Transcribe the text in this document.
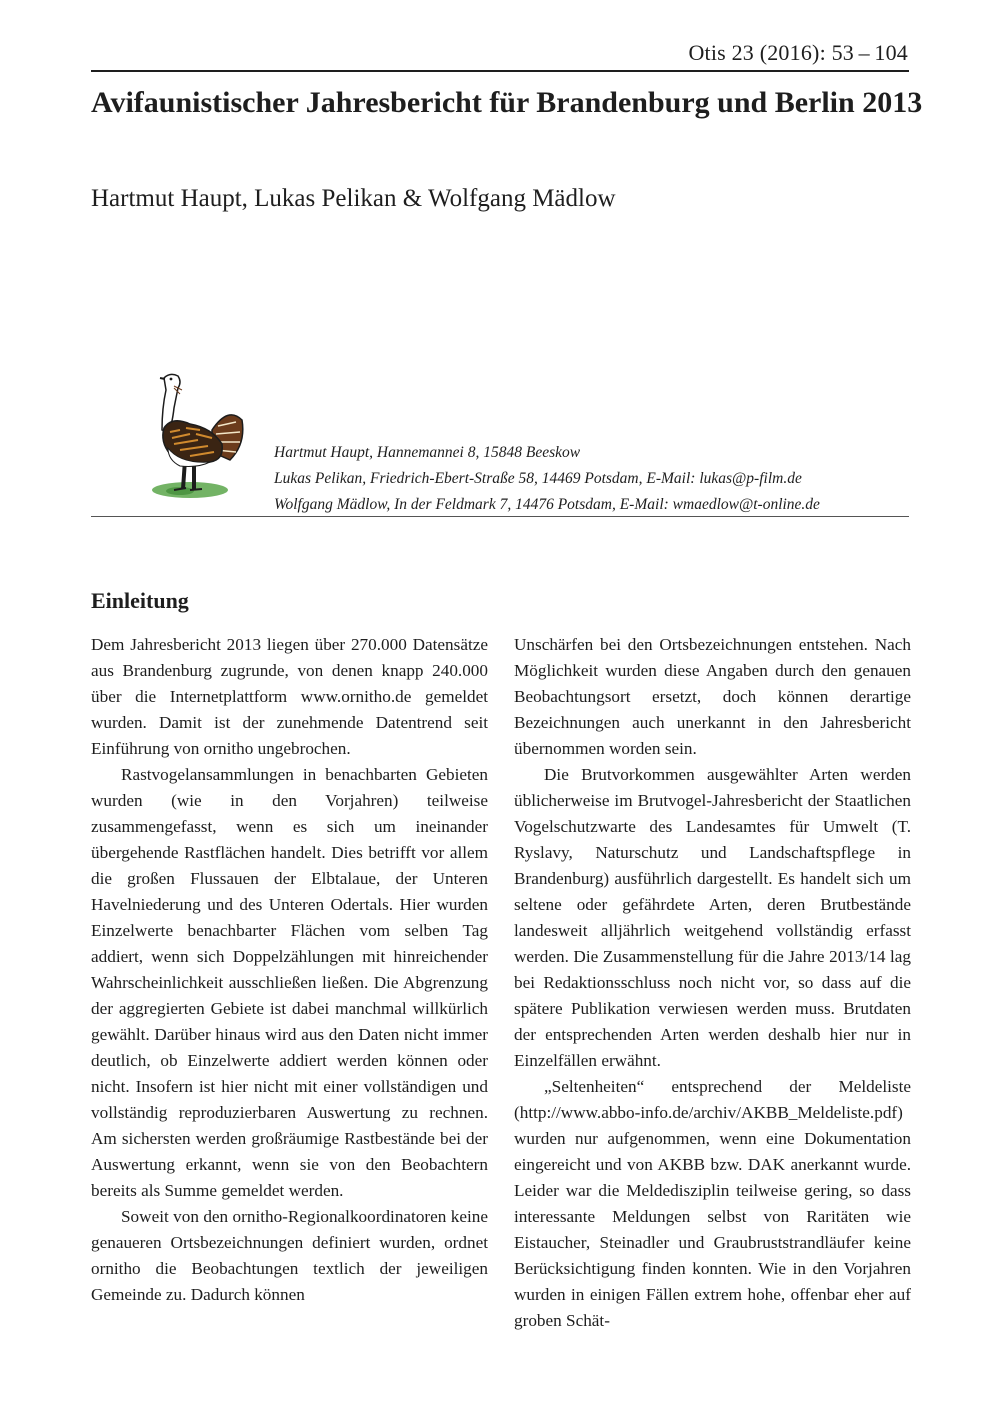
Otis 23 (2016): 53 – 104
Avifaunistischer Jahresbericht für Brandenburg und Berlin 2013
Hartmut Haupt, Lukas Pelikan & Wolfgang Mädlow
Hartmut Haupt, Hannemannei 8, 15848 Beeskow
Lukas Pelikan, Friedrich-Ebert-Straße 58, 14469 Potsdam, E-Mail: lukas@p-film.de
Wolfgang Mädlow, In der Feldmark 7, 14476 Potsdam, E-Mail: wmaedlow@t-online.de
Einleitung

Dem Jahresbericht 2013 liegen über 270.000 Datensätze aus Brandenburg zugrunde, von denen knapp 240.000 über die Internetplattform www.ornitho.de gemeldet wurden. Damit ist der zunehmende Datentrend seit Einführung von ornitho ungebrochen.

Rastvogelansammlungen in benachbarten Gebieten wurden (wie in den Vorjahren) teilweise zusammengefasst, wenn es sich um ineinander übergehende Rastflächen handelt. Dies betrifft vor allem die großen Flussauen der Elbtalaue, der Unteren Havelniederung und des Unteren Odertals. Hier wurden Einzelwerte benachbarter Flächen vom selben Tag addiert, wenn sich Doppelzählungen mit hinreichender Wahrscheinlichkeit ausschließen ließen. Die Abgrenzung der aggregierten Gebiete ist dabei manchmal willkürlich gewählt. Darüber hinaus wird aus den Daten nicht immer deutlich, ob Einzelwerte addiert werden können oder nicht. Insofern ist hier nicht mit einer vollständigen und vollständig reproduzierbaren Auswertung zu rechnen. Am sichersten werden großräumige Rastbestände bei der Auswertung erkannt, wenn sie von den Beobachtern bereits als Summe gemeldet werden.

Soweit von den ornitho-Regionalkoordinatoren keine genaueren Ortsbezeichnungen definiert wurden, ordnet ornitho die Beobachtungen textlich der jeweiligen Gemeinde zu. Dadurch können

Unschärfen bei den Ortsbezeichnungen entstehen. Nach Möglichkeit wurden diese Angaben durch den genauen Beobachtungsort ersetzt, doch können derartige Bezeichnungen auch unerkannt in den Jahresbericht übernommen worden sein.

Die Brutvorkommen ausgewählter Arten werden üblicherweise im Brutvogel-Jahresbericht der Staatlichen Vogelschutzwarte des Landesamtes für Umwelt (T. Ryslavy, Naturschutz und Landschaftspflege in Brandenburg) ausführlich dargestellt. Es handelt sich um seltene oder gefährdete Arten, deren Brutbestände landesweit alljährlich weitgehend vollständig erfasst werden. Die Zusammenstellung für die Jahre 2013/14 lag bei Redaktionsschluss noch nicht vor, so dass auf die spätere Publikation verwiesen werden muss. Brutdaten der entsprechenden Arten werden deshalb hier nur in Einzelfällen erwähnt.

„Seltenheiten“ entsprechend der Meldeliste (http://www.abbo-info.de/archiv/AKBB_Meldeliste.pdf) wurden nur aufgenommen, wenn eine Dokumentation eingereicht und von AKBB bzw. DAK anerkannt wurde. Leider war die Meldedisziplin teilweise gering, so dass interessante Meldungen selbst von Raritäten wie Eistaucher, Steinadler und Graubruststrandläufer keine Berücksichtigung finden konnten. Wie in den Vorjahren wurden in einigen Fällen extrem hohe, offenbar eher auf groben Schät-
